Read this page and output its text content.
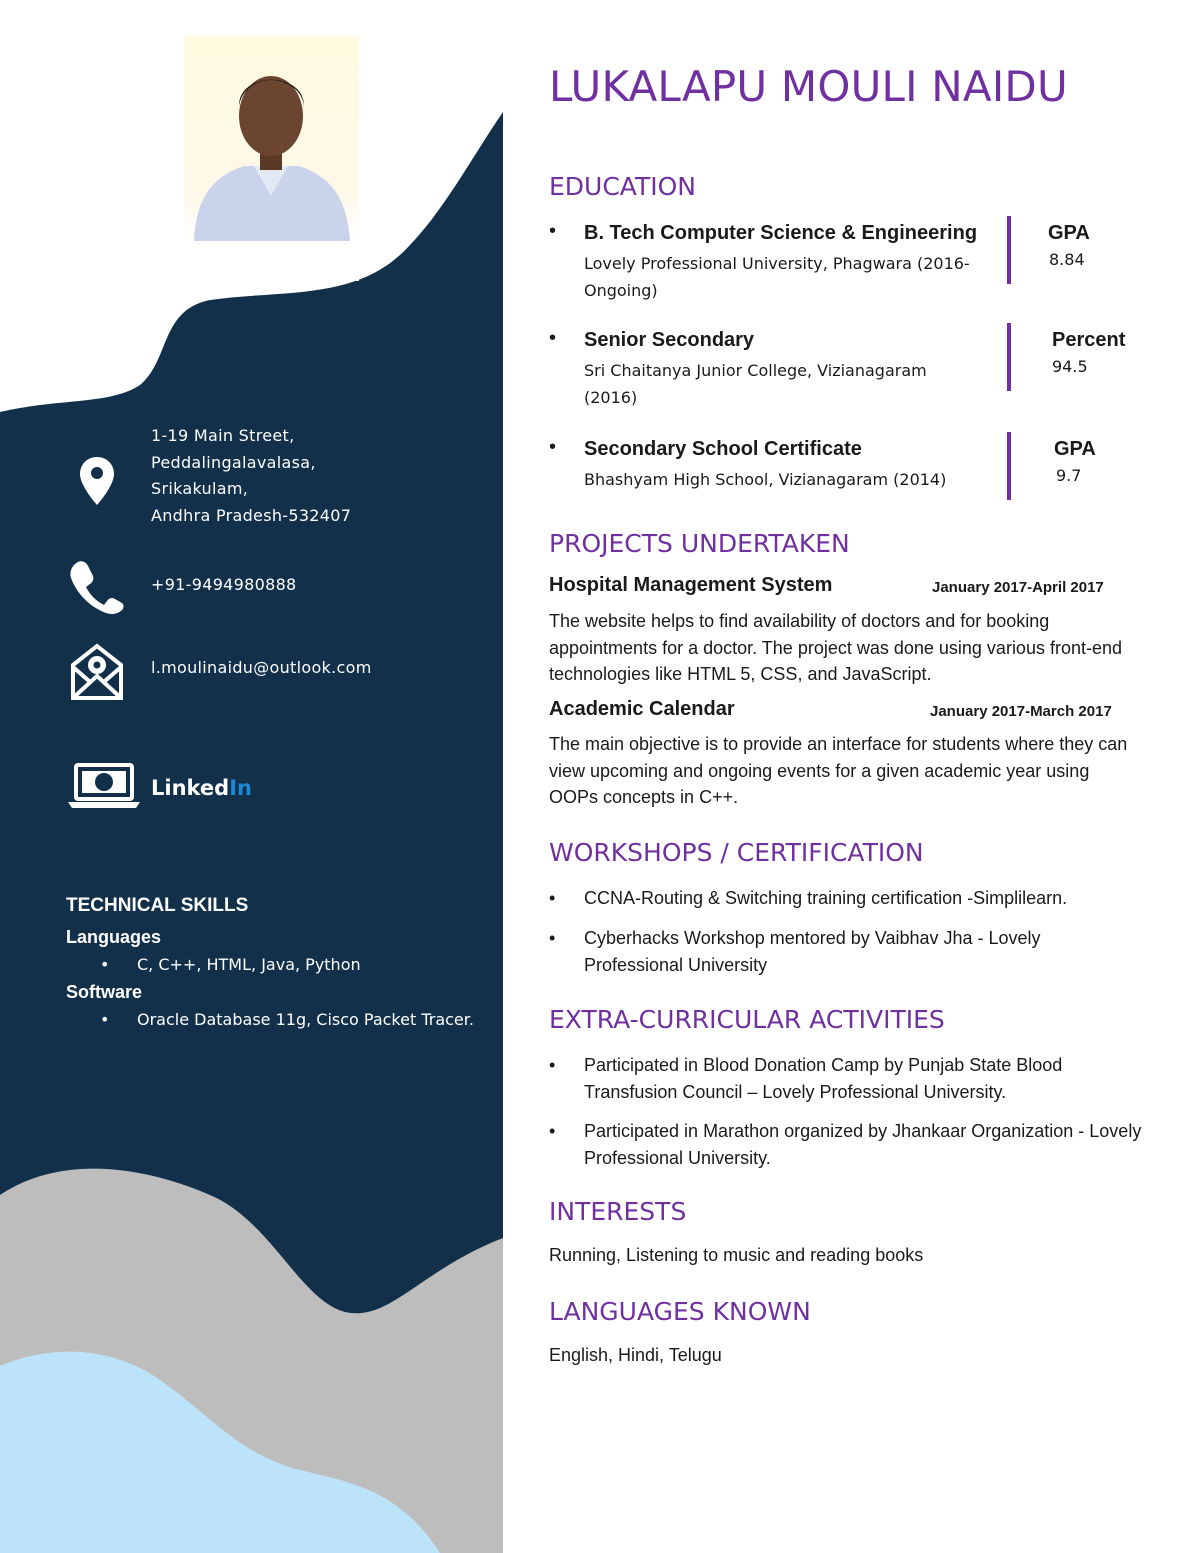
1-19 Main Street,
Peddalingalavalasa,
Srikakulam,
Andhra Pradesh-532407
+91-9494980888
l.moulinaidu@outlook.com
LinkedIn
TECHNICAL SKILLS
Languages
• C, C++, HTML, Java, Python
Software
• Oracle Database 11g, Cisco Packet Tracer.
LUKALAPU MOULI NAIDU
EDUCATION
• B. Tech Computer Science & Engineering
Lovely Professional University, Phagwara (2016-Ongoing)
GPA
8.84
• Senior Secondary
Sri Chaitanya Junior College, Vizianagaram (2016)
Percent
94.5
• Secondary School Certificate
Bhashyam High School, Vizianagaram (2014)
GPA
9.7
PROJECTS UNDERTAKEN
Hospital Management System	January 2017-April 2017
The website helps to find availability of doctors and for booking appointments for a doctor. The project was done using various front-end technologies like HTML 5, CSS, and JavaScript.
Academic Calendar	January 2017-March 2017
The main objective is to provide an interface for students where they can view upcoming and ongoing events for a given academic year using OOPs concepts in C++.
WORKSHOPS / CERTIFICATION
• CCNA-Routing & Switching training certification -Simplilearn.
• Cyberhacks Workshop mentored by Vaibhav Jha - Lovely Professional University
EXTRA-CURRICULAR ACTIVITIES
• Participated in Blood Donation Camp by Punjab State Blood Transfusion Council – Lovely Professional University.
• Participated in Marathon organized by Jhankaar Organization - Lovely Professional University.
INTERESTS
Running, Listening to music and reading books
LANGUAGES KNOWN
English, Hindi, Telugu
